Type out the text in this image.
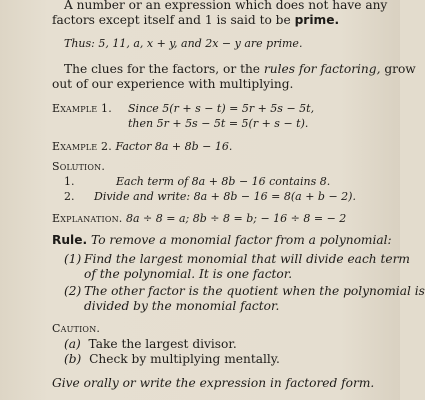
A number or an expression which does not have any
factors except itself and 1 is said to be prime.
Thus: 5, 11, a, x + y, and 2x − y are prime.
The clues for the factors, or the rules for factoring, grow
out of our experience with multiplying.
Example 1. Since 5(r + s − t) = 5r + 5s − 5t,
then 5r + 5s − 5t = 5(r + s − t).
Example 2. Factor 8a + 8b − 16.
Solution.
1.	Each term of 8a + 8b − 16 contains 8.
2. Divide and write: 8a + 8b − 16 = 8(a + b − 2).
Explanation. 8a ÷ 8 = a; 8b ÷ 8 = b; − 16 ÷ 8 = − 2
Rule. To remove a monomial factor from a polynomial:
(1) Find the largest monomial that will divide each term
of the polynomial. It is one factor.
(2) The other factor is the quotient when the polynomial is
divided by the monomial factor.
Caution.
(a) Take the largest divisor.
(b) Check by multiplying mentally.
Give orally or write the expression in factored form.
